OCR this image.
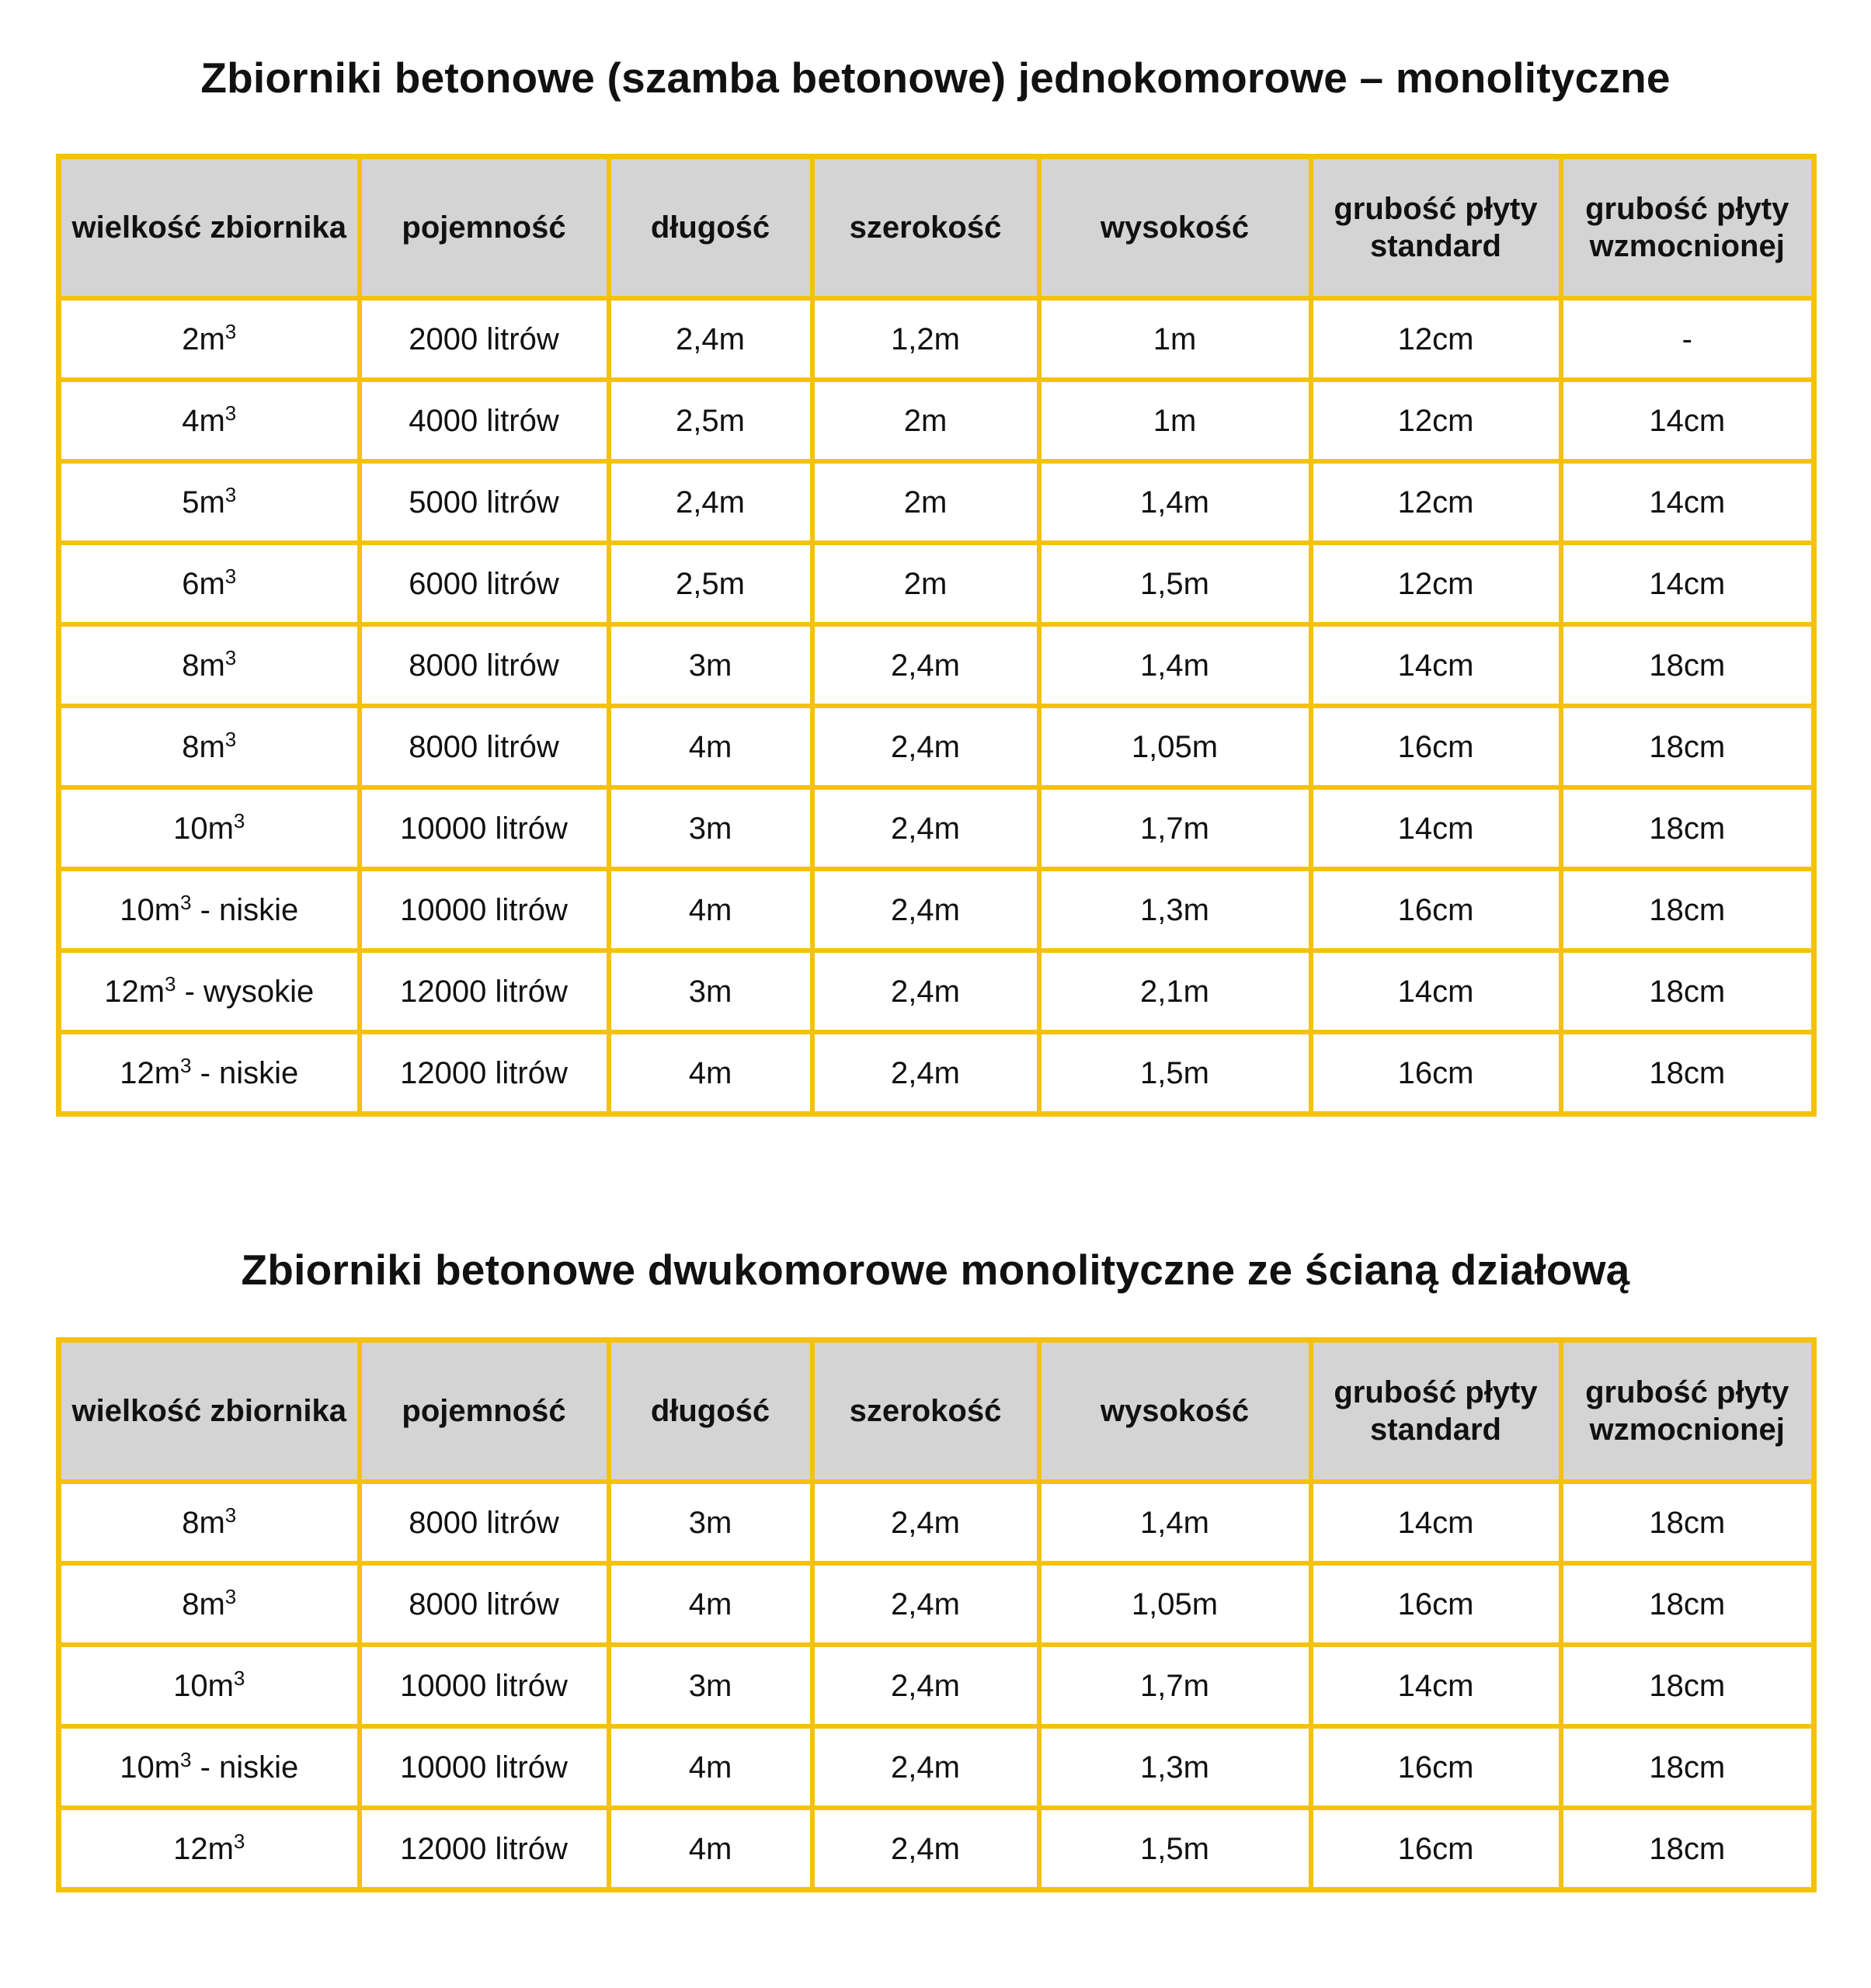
Zbiorniki betonowe (szamba betonowe) jednokomorowe – monolityczne
wielkość zbiornika	pojemność	długość	szerokość	wysokość	grubość płyty standard	grubość płyty wzmocnionej
$2m^3$	2000 litrów	2,4m	1,2m	1m	12cm	-
$4m^3$	4000 litrów	2,5m	2m	1m	12cm	14cm
$5m^3$	5000 litrów	2,4m	2m	1,4m	12cm	14cm
$6m^3$	6000 litrów	2,5m	2m	1,5m	12cm	14cm
$8m^3$	8000 litrów	3m	2,4m	1,4m	14cm	18cm
$8m^3$	8000 litrów	4m	2,4m	1,05m	16cm	18cm
$10m^3$	10000 litrów	3m	2,4m	1,7m	14cm	18cm
$10m^3$ - niskie	10000 litrów	4m	2,4m	1,3m	16cm	18cm
$12m^3$ - wysokie	12000 litrów	3m	2,4m	2,1m	14cm	18cm
$12m^3$ - niskie	12000 litrów	4m	2,4m	1,5m	16cm	18cm
Zbiorniki betonowe dwukomorowe monolityczne ze ścianą działową
wielkość zbiornika	pojemność	długość	szerokość	wysokość	grubość płyty standard	grubość płyty wzmocnionej
$8m^3$	8000 litrów	3m	2,4m	1,4m	14cm	18cm
$8m^3$	8000 litrów	4m	2,4m	1,05m	16cm	18cm
$10m^3$	10000 litrów	3m	2,4m	1,7m	14cm	18cm
$10m^3$ - niskie	10000 litrów	4m	2,4m	1,3m	16cm	18cm
$12m^3$	12000 litrów	4m	2,4m	1,5m	16cm	18cm
